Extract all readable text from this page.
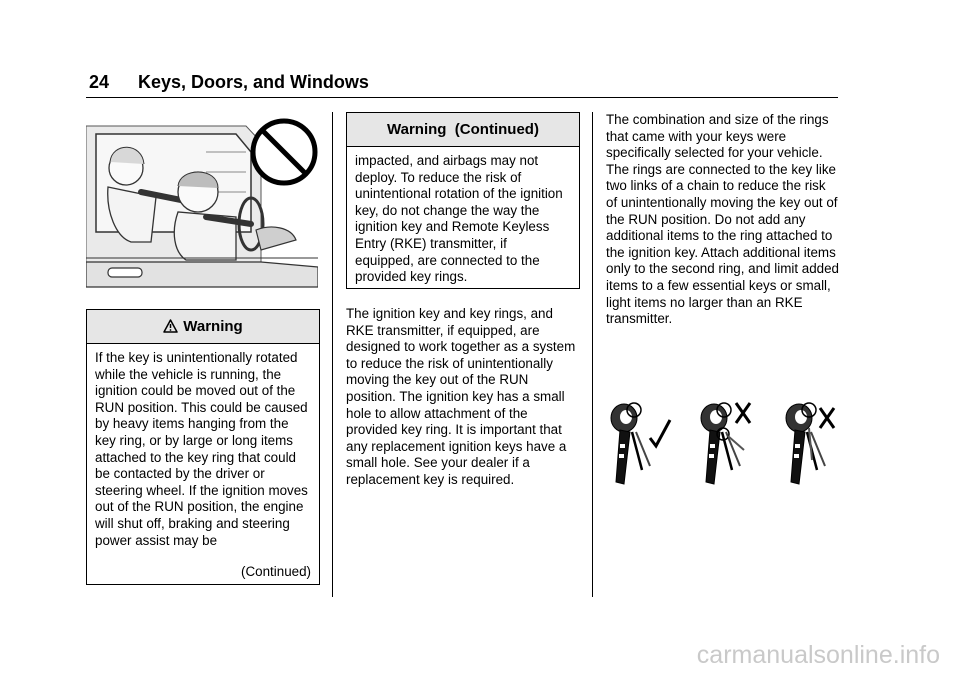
24 Keys, Doors, and Windows
Warning
If the key is unintentionally rotated while the vehicle is running, the ignition could be moved out of the RUN position. This could be caused by heavy items hanging from the key ring, or by large or long items attached to the key ring that could be contacted by the driver or steering wheel. If the ignition moves out of the RUN position, the engine will shut off, braking and steering power assist may be
(Continued)
Warning  (Continued)
impacted, and airbags may not deploy. To reduce the risk of unintentional rotation of the ignition key, do not change the way the ignition key and Remote Keyless Entry (RKE) transmitter, if equipped, are connected to the provided key rings.
The ignition key and key rings, and RKE transmitter, if equipped, are designed to work together as a system to reduce the risk of unintentionally moving the key out of the RUN position. The ignition key has a small hole to allow attachment of the provided key ring. It is important that any replacement ignition keys have a small hole. See your dealer if a replacement key is required.
The combination and size of the rings that came with your keys were specifically selected for your vehicle. The rings are connected to the key like two links of a chain to reduce the risk of unintentionally moving the key out of the RUN position. Do not add any additional items to the ring attached to the ignition key. Attach additional items only to the second ring, and limit added items to a few essential keys or small, light items no larger than an RKE transmitter.
carmanualsonline.info
